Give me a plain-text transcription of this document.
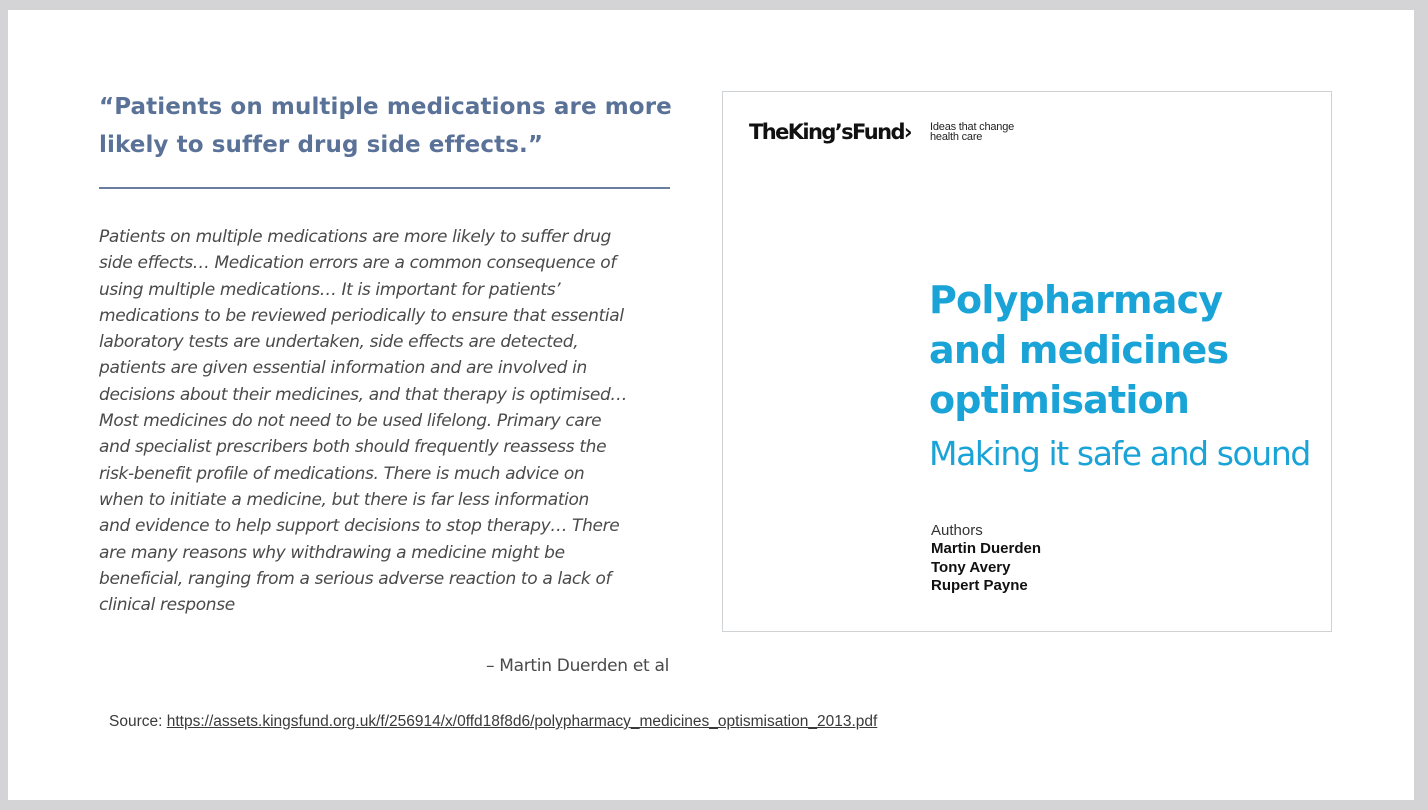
“Patients on multiple medications are more likely to suffer drug side effects.”

Patients on multiple medications are more likely to suffer drug
side effects… Medication errors are a common consequence of
using multiple medications… It is important for patients’
medications to be reviewed periodically to ensure that essential
laboratory tests are undertaken, side effects are detected,
patients are given essential information and are involved in
decisions about their medicines, and that therapy is optimised…
Most medicines do not need to be used lifelong. Primary care
and specialist prescribers both should frequently reassess the
risk-benefit profile of medications. There is much advice on
when to initiate a medicine, but there is far less information
and evidence to help support decisions to stop therapy… There
are many reasons why withdrawing a medicine might be
beneficial, ranging from a serious adverse reaction to a lack of
clinical response

– Martin Duerden et al
Source: https://assets.kingsfund.org.uk/f/256914/x/0ffd18f8d6/polypharmacy_medicines_optismisation_2013.pdf
TheKing’sFund› Ideas that change
health care
Polypharmacy
and medicines
optimisation
Making it safe and sound
Authors
Martin Duerden
Tony Avery
Rupert Payne
